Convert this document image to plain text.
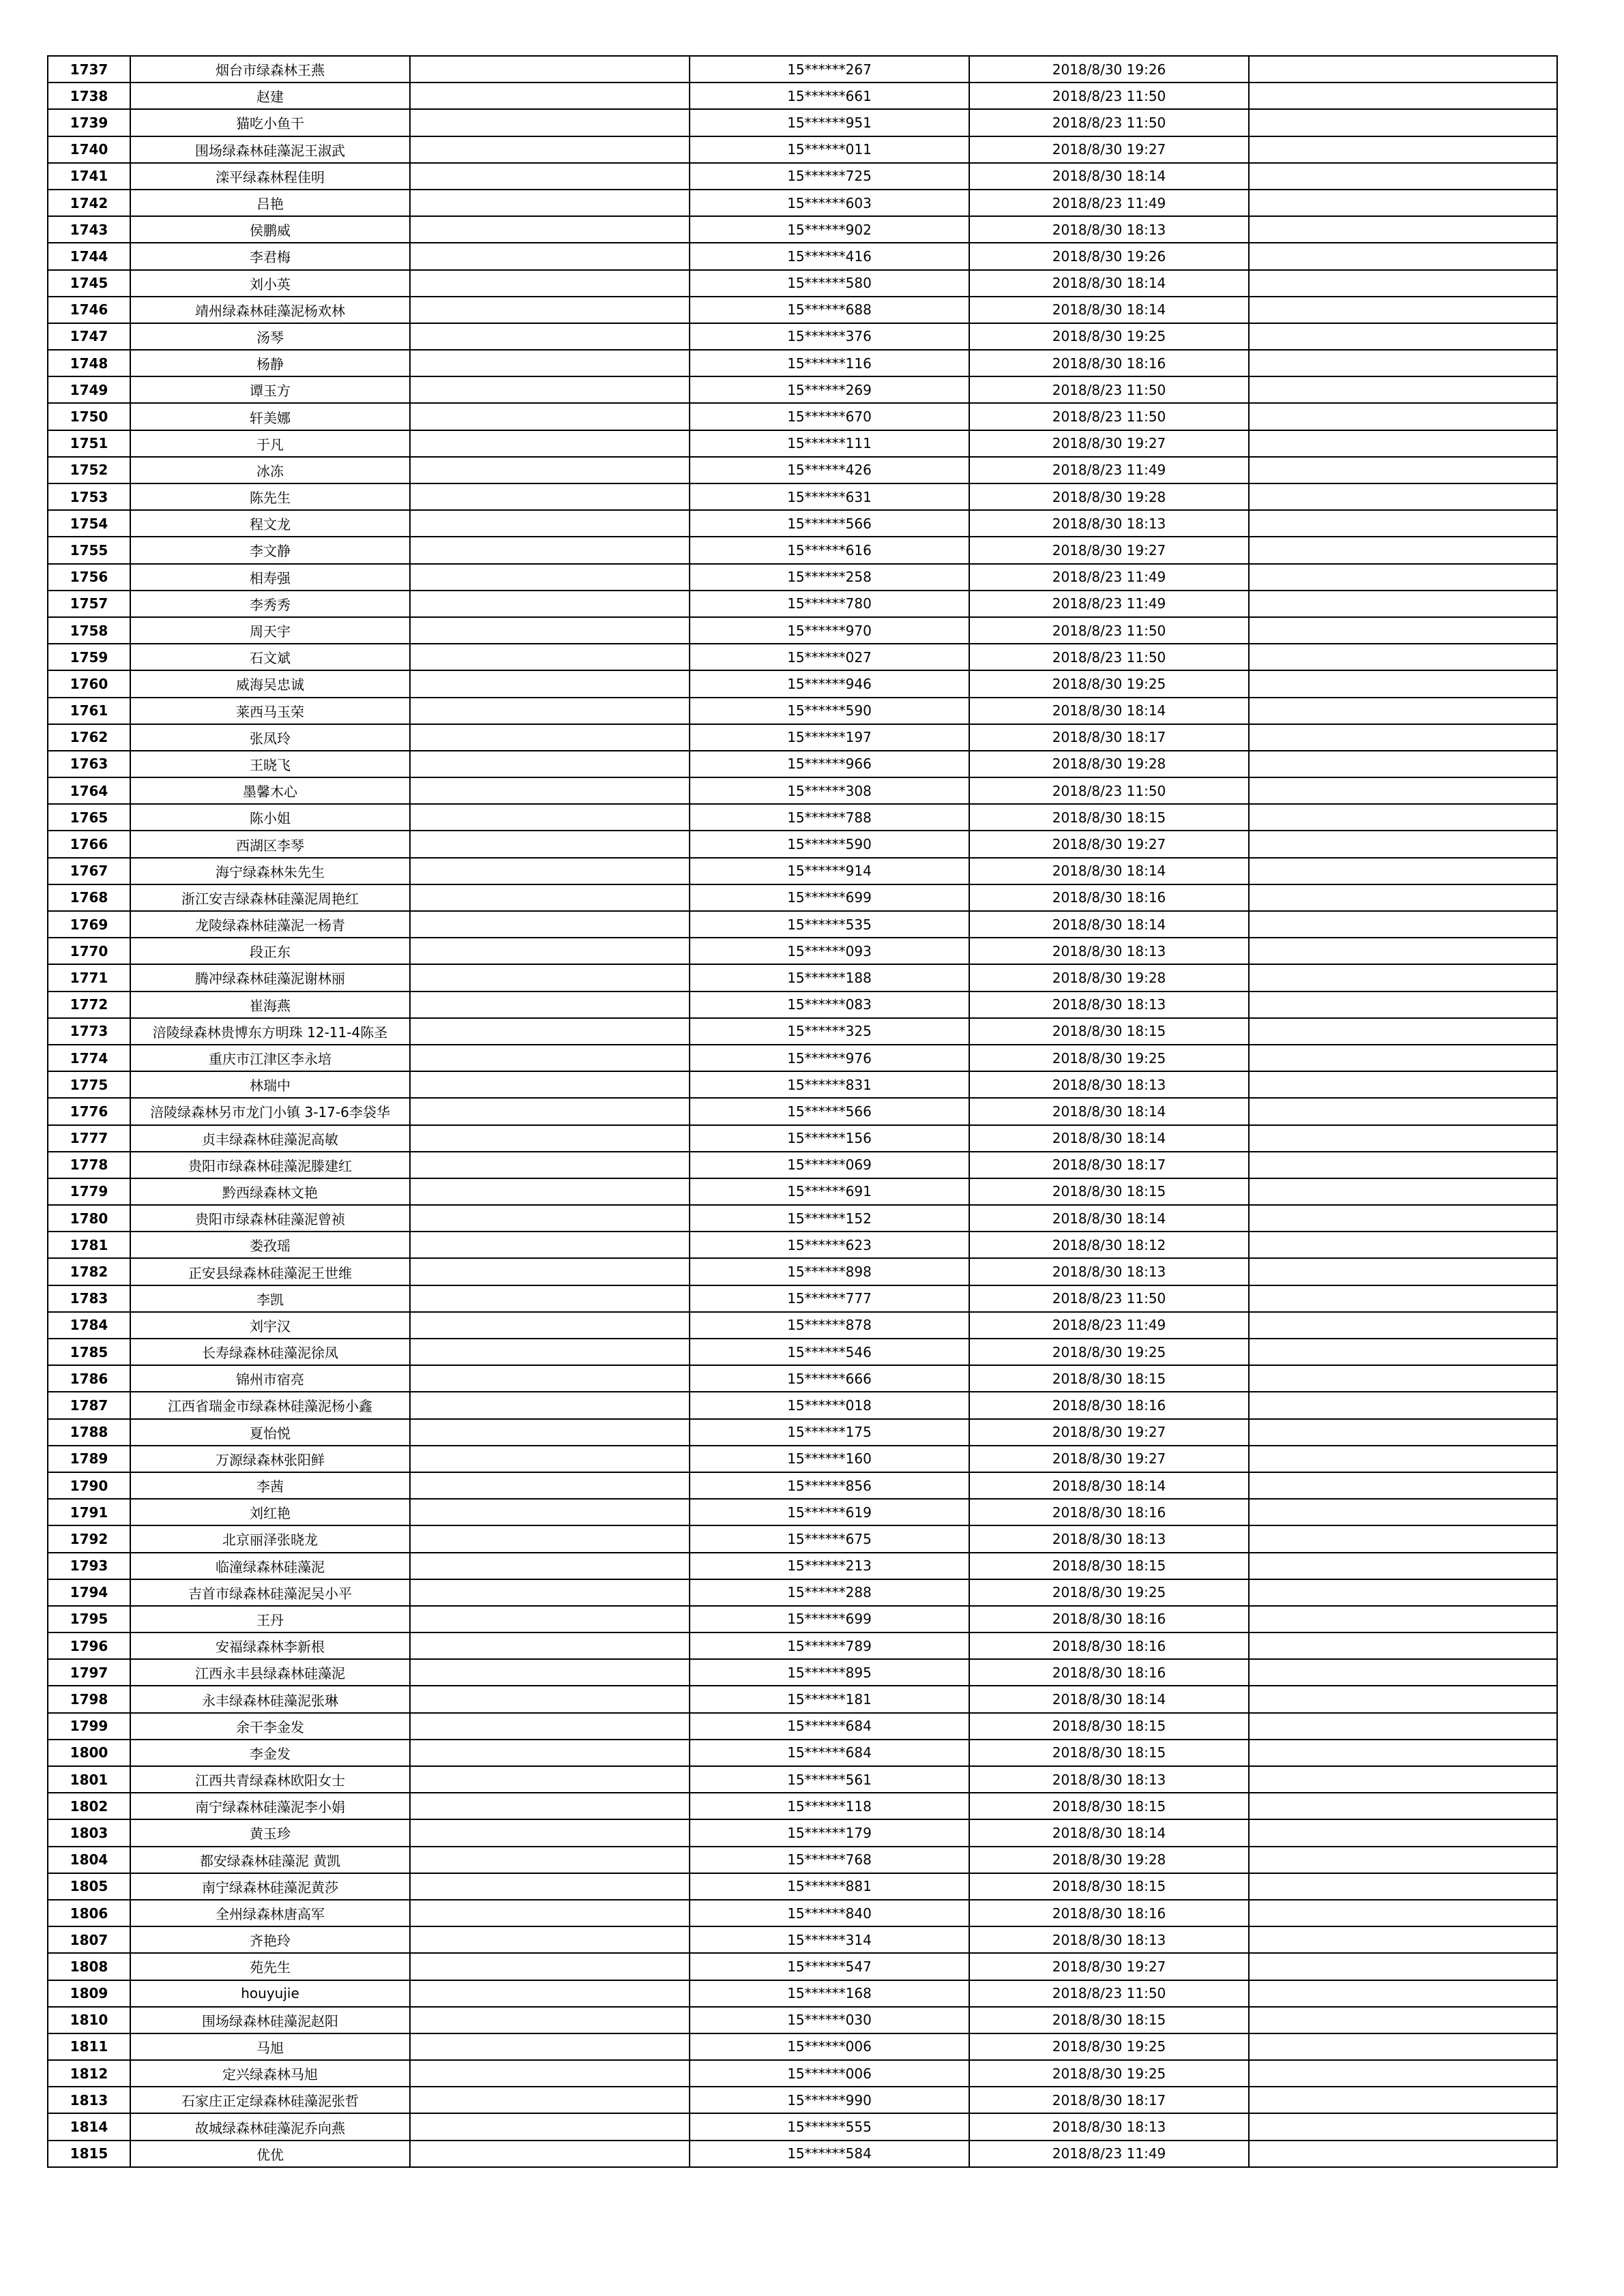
1737	烟台市绿森林王燕		15******267	2018/8/30 19:26	
1738	赵建		15******661	2018/8/23 11:50	
1739	猫吃小鱼干		15******951	2018/8/23 11:50	
1740	围场绿森林硅藻泥王淑武		15******011	2018/8/30 19:27	
1741	滦平绿森林程佳明		15******725	2018/8/30 18:14	
1742	吕艳		15******603	2018/8/23 11:49	
1743	侯鹏威		15******902	2018/8/30 18:13	
1744	李君梅		15******416	2018/8/30 19:26	
1745	刘小英		15******580	2018/8/30 18:14	
1746	靖州绿森林硅藻泥杨欢林		15******688	2018/8/30 18:14	
1747	汤琴		15******376	2018/8/30 19:25	
1748	杨静		15******116	2018/8/30 18:16	
1749	谭玉方		15******269	2018/8/23 11:50	
1750	轩美娜		15******670	2018/8/23 11:50	
1751	于凡		15******111	2018/8/30 19:27	
1752	冰冻		15******426	2018/8/23 11:49	
1753	陈先生		15******631	2018/8/30 19:28	
1754	程文龙		15******566	2018/8/30 18:13	
1755	李文静		15******616	2018/8/30 19:27	
1756	相寿强		15******258	2018/8/23 11:49	
1757	李秀秀		15******780	2018/8/23 11:49	
1758	周天宇		15******970	2018/8/23 11:50	
1759	石文斌		15******027	2018/8/23 11:50	
1760	威海吴忠诚		15******946	2018/8/30 19:25	
1761	莱西马玉荣		15******590	2018/8/30 18:14	
1762	张凤玲		15******197	2018/8/30 18:17	
1763	王晓飞		15******966	2018/8/30 19:28	
1764	墨馨木心		15******308	2018/8/23 11:50	
1765	陈小姐		15******788	2018/8/30 18:15	
1766	西湖区李琴		15******590	2018/8/30 19:27	
1767	海宁绿森林朱先生		15******914	2018/8/30 18:14	
1768	浙江安吉绿森林硅藻泥周艳红		15******699	2018/8/30 18:16	
1769	龙陵绿森林硅藻泥一杨青		15******535	2018/8/30 18:14	
1770	段正东		15******093	2018/8/30 18:13	
1771	腾冲绿森林硅藻泥谢林丽		15******188	2018/8/30 19:28	
1772	崔海燕		15******083	2018/8/30 18:13	
1773	涪陵绿森林贵博东方明珠 12-11-4陈圣		15******325	2018/8/30 18:15	
1774	重庆市江津区李永培		15******976	2018/8/30 19:25	
1775	林瑞中		15******831	2018/8/30 18:13	
1776	涪陵绿森林另市龙门小镇 3-17-6李袋华		15******566	2018/8/30 18:14	
1777	贞丰绿森林硅藻泥高敏		15******156	2018/8/30 18:14	
1778	贵阳市绿森林硅藻泥滕建红		15******069	2018/8/30 18:17	
1779	黔西绿森林文艳		15******691	2018/8/30 18:15	
1780	贵阳市绿森林硅藻泥曾祯		15******152	2018/8/30 18:14	
1781	娄孜瑶		15******623	2018/8/30 18:12	
1782	正安县绿森林硅藻泥王世维		15******898	2018/8/30 18:13	
1783	李凯		15******777	2018/8/23 11:50	
1784	刘宇汉		15******878	2018/8/23 11:49	
1785	长寿绿森林硅藻泥徐凤		15******546	2018/8/30 19:25	
1786	锦州市宿亮		15******666	2018/8/30 18:15	
1787	江西省瑞金市绿森林硅藻泥杨小鑫		15******018	2018/8/30 18:16	
1788	夏怡悦		15******175	2018/8/30 19:27	
1789	万源绿森林张阳鲜		15******160	2018/8/30 19:27	
1790	李茜		15******856	2018/8/30 18:14	
1791	刘红艳		15******619	2018/8/30 18:16	
1792	北京丽泽张晓龙		15******675	2018/8/30 18:13	
1793	临潼绿森林硅藻泥		15******213	2018/8/30 18:15	
1794	吉首市绿森林硅藻泥吴小平		15******288	2018/8/30 19:25	
1795	王丹		15******699	2018/8/30 18:16	
1796	安福绿森林李新根		15******789	2018/8/30 18:16	
1797	江西永丰县绿森林硅藻泥		15******895	2018/8/30 18:16	
1798	永丰绿森林硅藻泥张琳		15******181	2018/8/30 18:14	
1799	余干李金发		15******684	2018/8/30 18:15	
1800	李金发		15******684	2018/8/30 18:15	
1801	江西共青绿森林欧阳女士		15******561	2018/8/30 18:13	
1802	南宁绿森林硅藻泥李小娟		15******118	2018/8/30 18:15	
1803	黄玉珍		15******179	2018/8/30 18:14	
1804	都安绿森林硅藻泥 黄凯		15******768	2018/8/30 19:28	
1805	南宁绿森林硅藻泥黄莎		15******881	2018/8/30 18:15	
1806	全州绿森林唐高军		15******840	2018/8/30 18:16	
1807	齐艳玲		15******314	2018/8/30 18:13	
1808	苑先生		15******547	2018/8/30 19:27	
1809	houyujie		15******168	2018/8/23 11:50	
1810	围场绿森林硅藻泥赵阳		15******030	2018/8/30 18:15	
1811	马旭		15******006	2018/8/30 19:25	
1812	定兴绿森林马旭		15******006	2018/8/30 19:25	
1813	石家庄正定绿森林硅藻泥张哲		15******990	2018/8/30 18:17	
1814	故城绿森林硅藻泥乔向燕		15******555	2018/8/30 18:13	
1815	优优		15******584	2018/8/23 11:49	
